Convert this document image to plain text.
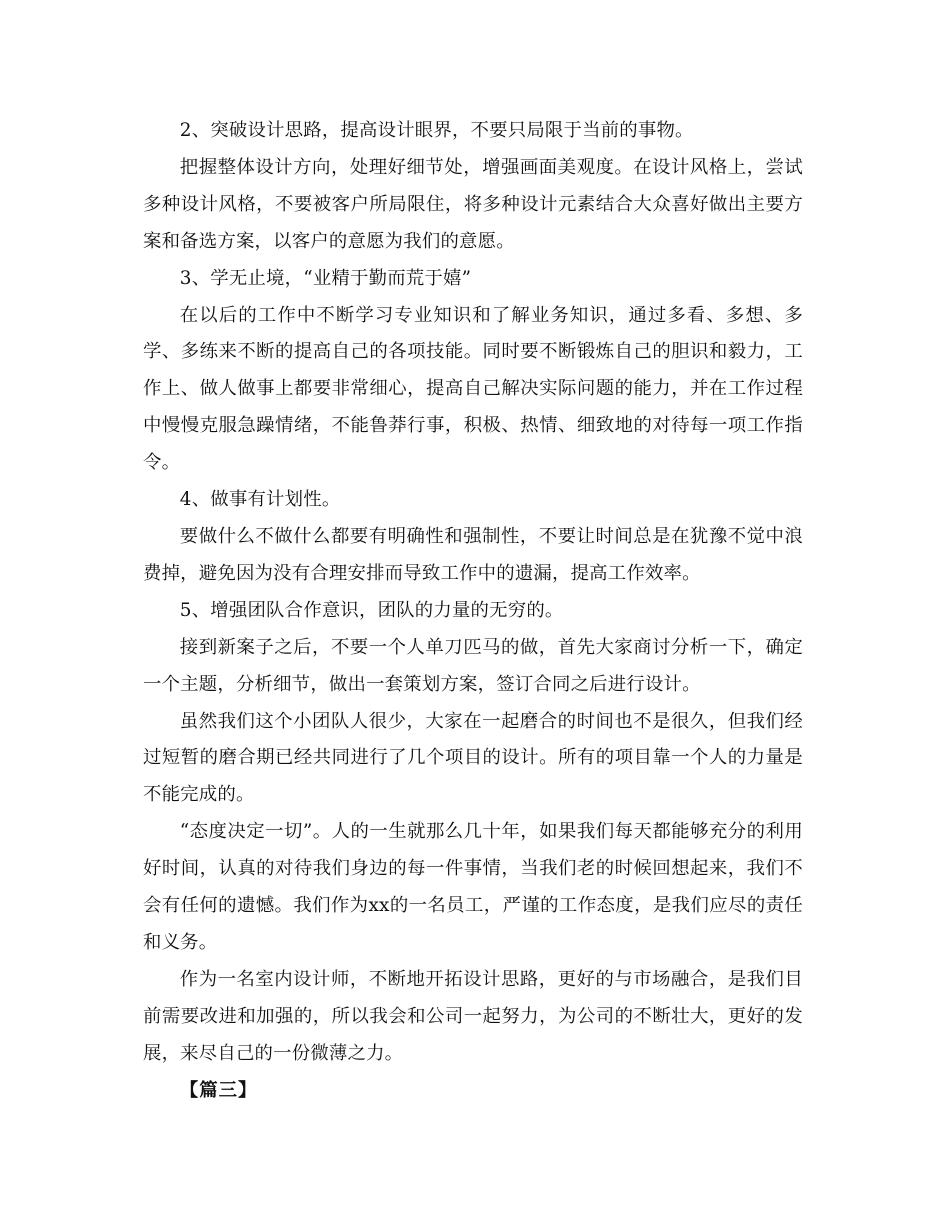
2、突破设计思路，提高设计眼界，不要只局限于当前的事物。

把握整体设计方向，处理好细节处，增强画面美观度。在设计风格上，尝试多种设计风格，不要被客户所局限住，将多种设计元素结合大众喜好做出主要方案和备选方案，以客户的意愿为我们的意愿。

3、学无止境，“业精于勤而荒于嬉”

在以后的工作中不断学习专业知识和了解业务知识，通过多看、多想、多学、多练来不断的提高自己的各项技能。同时要不断锻炼自己的胆识和毅力，工作上、做人做事上都要非常细心，提高自己解决实际问题的能力，并在工作过程中慢慢克服急躁情绪，不能鲁莽行事，积极、热情、细致地的对待每一项工作指令。

4、做事有计划性。

要做什么不做什么都要有明确性和强制性，不要让时间总是在犹豫不觉中浪费掉，避免因为没有合理安排而导致工作中的遗漏，提高工作效率。

5、增强团队合作意识，团队的力量的无穷的。

接到新案子之后，不要一个人单刀匹马的做，首先大家商讨分析一下，确定一个主题，分析细节，做出一套策划方案，签订合同之后进行设计。

虽然我们这个小团队人很少，大家在一起磨合的时间也不是很久，但我们经过短暂的磨合期已经共同进行了几个项目的设计。所有的项目靠一个人的力量是不能完成的。

“态度决定一切”。人的一生就那么几十年，如果我们每天都能够充分的利用好时间，认真的对待我们身边的每一件事情，当我们老的时候回想起来，我们不会有任何的遗憾。我们作为xx的一名员工，严谨的工作态度，是我们应尽的责任和义务。

作为一名室内设计师，不断地开拓设计思路，更好的与市场融合，是我们目前需要改进和加强的，所以我会和公司一起努力，为公司的不断壮大，更好的发展，来尽自己的一份微薄之力。

【篇三】
